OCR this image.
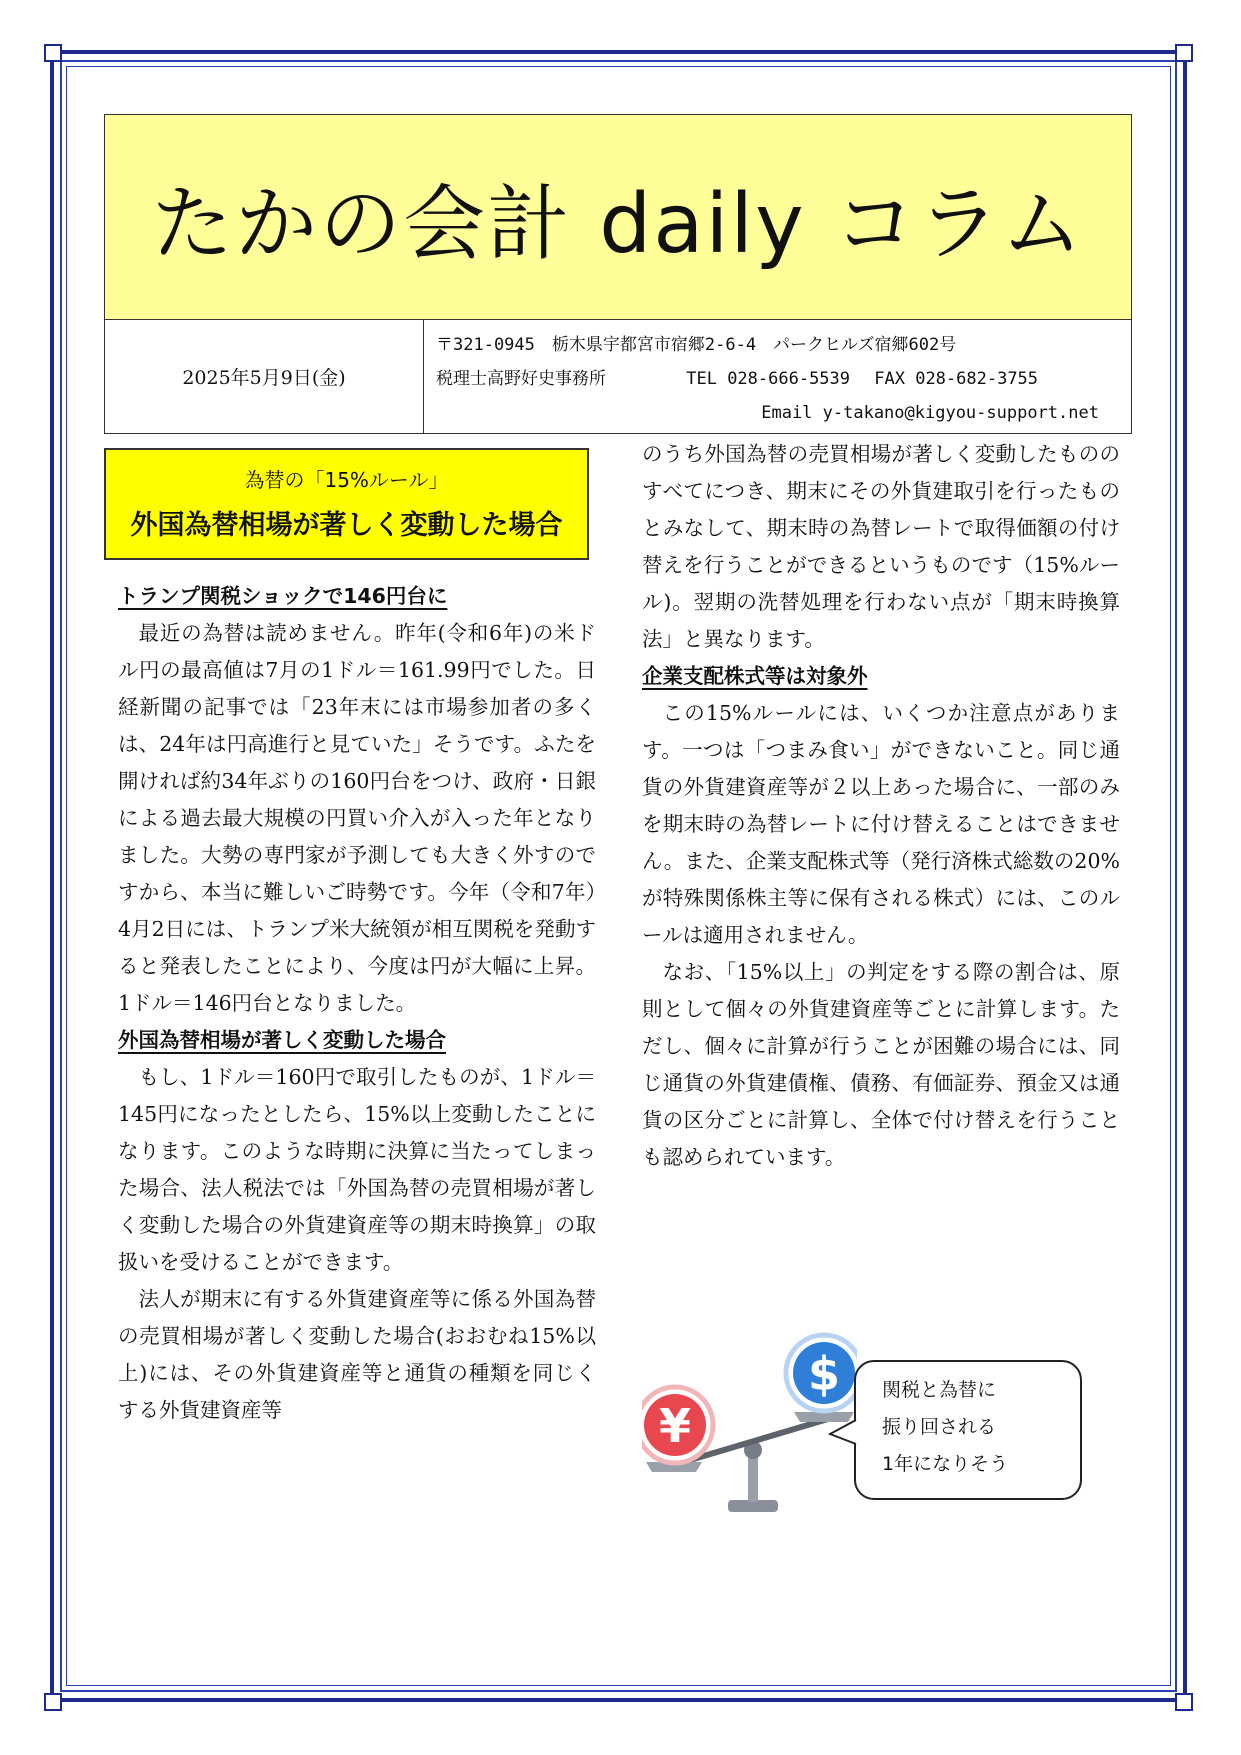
たかの会計 daily コラム
2025年5月9日(金)
〒321-0945　栃木県宇都宮市宿郷2-6-4　パークヒルズ宿郷602号
税理士高野好史事務所	TEL 028-666-5539 FAX 028-682-3755
Email y-takano@kigyou-support.net
為替の「15%ルール」
外国為替相場が著しく変動した場合
トランプ関税ショックで146円台に

最近の為替は読めません。昨年(令和6年)の米ドル円の最高値は7月の1ドル＝161.99円でした。日経新聞の記事では「23年末には市場参加者の多くは、24年は円高進行と見ていた」そうです。ふたを開ければ約34年ぶりの160円台をつけ、政府・日銀による過去最大規模の円買い介入が入った年となりました。大勢の専門家が予測しても大きく外すのですから、本当に難しいご時勢です。今年（令和7年）4月2日には、トランプ米大統領が相互関税を発動すると発表したことにより、今度は円が大幅に上昇。1ドル＝146円台となりました。

外国為替相場が著しく変動した場合

もし、1ドル＝160円で取引したものが、1ドル＝145円になったとしたら、15%以上変動したことになります。このような時期に決算に当たってしまった場合、法人税法では「外国為替の売買相場が著しく変動した場合の外貨建資産等の期末時換算」の取扱いを受けることができます。

法人が期末に有する外貨建資産等に係る外国為替の売買相場が著しく変動した場合(おおむね15%以上)には、その外貨建資産等と通貨の種類を同じくする外貨建資産等

のうち外国為替の売買相場が著しく変動したもののすべてにつき、期末にその外貨建取引を行ったものとみなして、期末時の為替レートで取得価額の付け替えを行うことができるというものです（15%ルール)。翌期の洗替処理を行わない点が「期末時換算法」と異なります。

企業支配株式等は対象外

この15%ルールには、いくつか注意点があります。一つは「つまみ食い」ができないこと。同じ通貨の外貨建資産等が２以上あった場合に、一部のみを期末時の為替レートに付け替えることはできません。また、企業支配株式等（発行済株式総数の20%が特殊関係株主等に保有される株式）には、このルールは適用されません。

なお、「15%以上」の判定をする際の割合は、原則として個々の外貨建資産等ごとに計算します。ただし、個々に計算が行うことが困難の場合には、同じ通貨の外貨建債権、債務、有価証券、預金又は通貨の区分ごとに計算し、全体で付け替えを行うことも認められています。

¥
$ 関税と為替に
振り回される
1年になりそう
